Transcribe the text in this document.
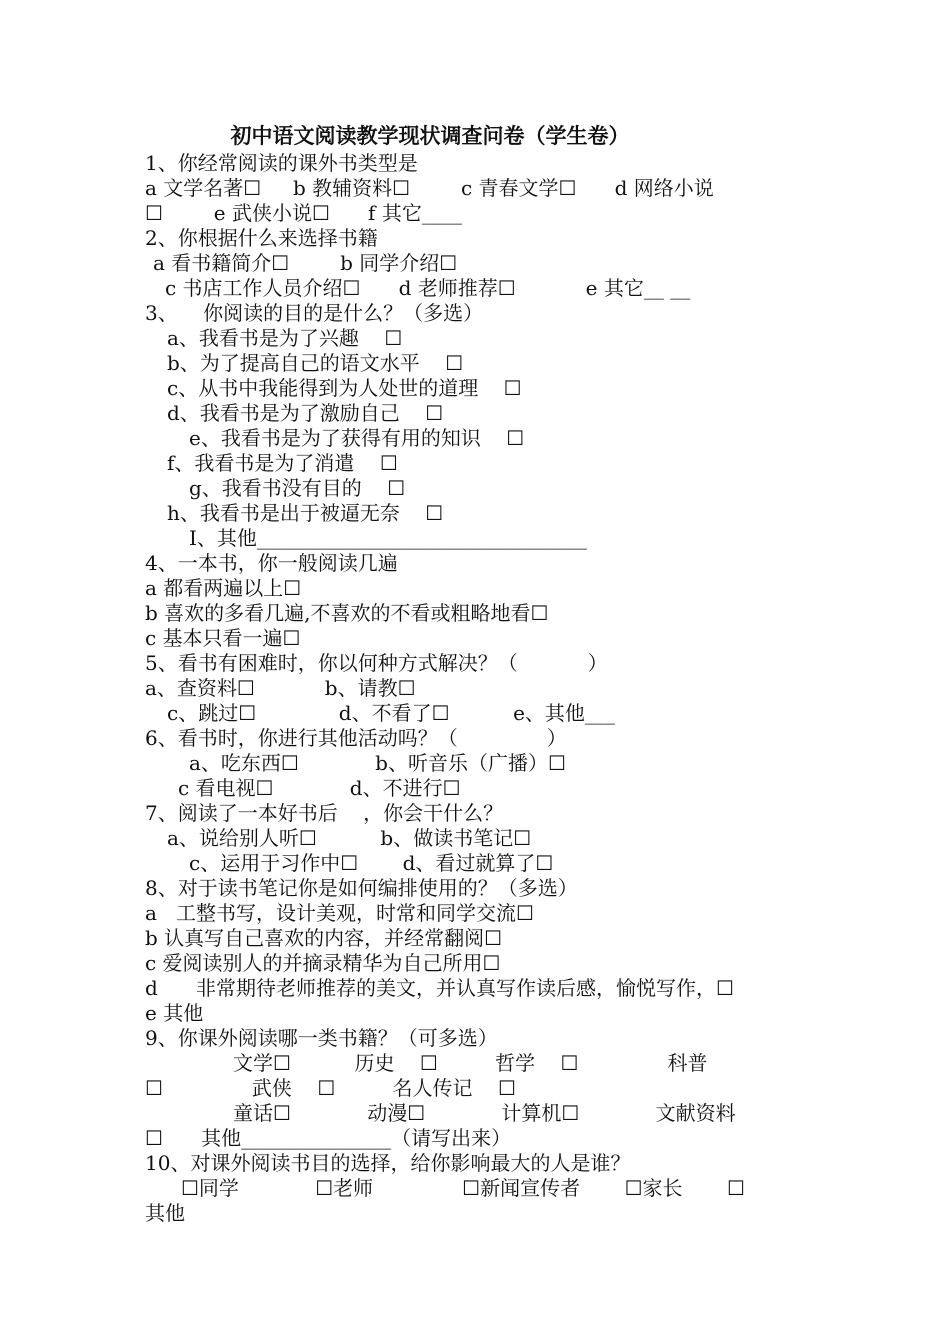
初中语文阅读教学现状调查问卷（学生卷）
1、你经常阅读的课外书类型是
a 文学名著☐     b 教辅资料☐        c 青春文学☐      d 网络小说
☐        e 武侠小说☐      f 其它____
2、你根据什么来选择书籍
a 看书籍简介☐        b 同学介绍☐
c 书店工作人员介绍☐      d 老师推荐☐           e 其它__ __
3、    你阅读的目的是什么？（多选）
a、我看书是为了兴趣    ☐
b、为了提高自己的语文水平    ☐
c、从书中我能得到为人处世的道理    ☐
d、我看书是为了激励自己    ☐
e、我看书是为了获得有用的知识    ☐
f、我看书是为了消遣    ☐
g、我看书没有目的    ☐
h、我看书是出于被逼无奈    ☐
I、其他_________________________________
4、一本书，你一般阅读几遍
a 都看两遍以上☐
b 喜欢的多看几遍,不喜欢的不看或粗略地看☐
c 基本只看一遍☐
5、看书有困难时，你以何种方式解决？（           ）
a、查资料☐           b、请教☐
c、跳过☐             d、不看了☐          e、其他___
6、看书时，你进行其他活动吗？（              ）
a、吃东西☐            b、听音乐（广播）☐
c 看电视☐            d、不进行☐
7、阅读了一本好书后    ，你会干什么？
a、说给别人听☐          b、做读书笔记☐
c、运用于习作中☐       d、看过就算了☐
8、对于读书笔记你是如何编排使用的？（多选）
a   工整书写，设计美观，时常和同学交流☐
b 认真写自己喜欢的内容，并经常翻阅☐
c 爱阅读别人的并摘录精华为自己所用☐
d      非常期待老师推荐的美文，并认真写作读后感，愉悦写作，☐
e 其他
9、你课外阅读哪一类书籍？（可多选）
文学☐          历史    ☐         哲学    ☐              科普
☐              武侠    ☐         名人传记    ☐
童话☐            动漫☐            计算机☐            文献资料
☐      其他_______________（请写出来）
10、对课外阅读书目的选择，给你影响最大的人是谁？
☐同学            ☐老师              ☐新闻宣传者       ☐家长       ☐
其他
